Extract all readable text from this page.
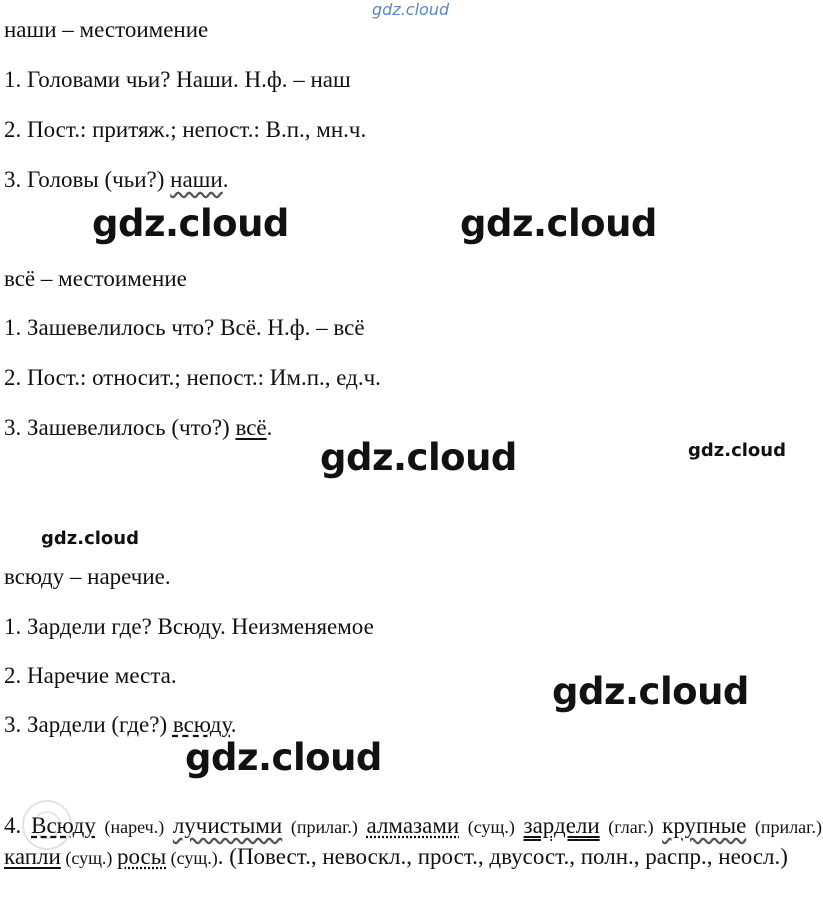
gdz.cloud
наши – местоимение
1. Головами чьи? Наши. Н.ф. – наш
2. Пост.: притяж.; непост.: В.п., мн.ч.
3. Головы (чьи?) наши.
gdz.cloud	gdz.cloud
всё – местоимение
1. Зашевелилось что? Всё. Н.ф. – всё
2. Пост.: относит.; непост.: Им.п., ед.ч.
3. Зашевелилось (что?) всё.
gdz.cloud	gdz.cloud
gdz.cloud
всюду – наречие.
1. Зардели где? Всюду. Неизменяемое
2. Наречие места.
3. Зардели (где?) всюду.
gdz.cloud
gdz.cloud
4. Всюду (нареч.) лучистыми (прилаг.) алмазами (сущ.) зардели (глаг.) крупные (прилаг.) капли (сущ.) росы (сущ.). (Повест., невоскл., прост., двусост., полн., распр., неосл.)
